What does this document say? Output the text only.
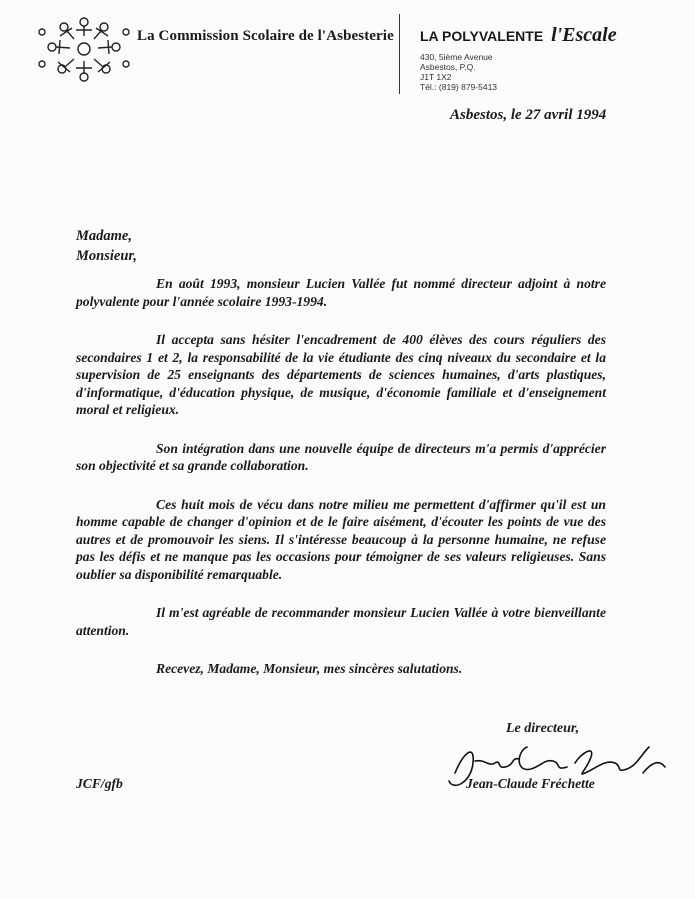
La Commission Scolaire de l'Asbesterie LA POLYVALENTE l'Escale
430, 5ième Avenue
Asbestos, P.Q.
J1T 1X2
Tél.: (819) 879-5413
Asbestos, le 27 avril 1994
Madame,
Monsieur,

En août 1993, monsieur Lucien Vallée fut nommé directeur adjoint à notre polyvalente pour l'année scolaire 1993-1994.

Il accepta sans hésiter l'encadrement de 400 élèves des cours réguliers des secondaires 1 et 2, la responsabilité de la vie étudiante des cinq niveaux du secondaire et la supervision de 25 enseignants des départements de sciences humaines, d'arts plastiques, d'informatique, d'éducation physique, de musique, d'économie familiale et d'enseignement moral et religieux.

Son intégration dans une nouvelle équipe de directeurs m'a permis d'apprécier son objectivité et sa grande collaboration.

Ces huit mois de vécu dans notre milieu me permettent d'affirmer qu'il est un homme capable de changer d'opinion et de le faire aisément, d'écouter les points de vue des autres et de promouvoir les siens. Il s'intéresse beaucoup à la personne humaine, ne refuse pas les défis et ne manque pas les occasions pour témoigner de ses valeurs religieuses. Sans oublier sa disponibilité remarquable.

Il m'est agréable de recommander monsieur Lucien Vallée à votre bienveillante attention.

Recevez, Madame, Monsieur, mes sincères salutations.

Le directeur,
Jean-Claude Fréchette
JCF/gfb
